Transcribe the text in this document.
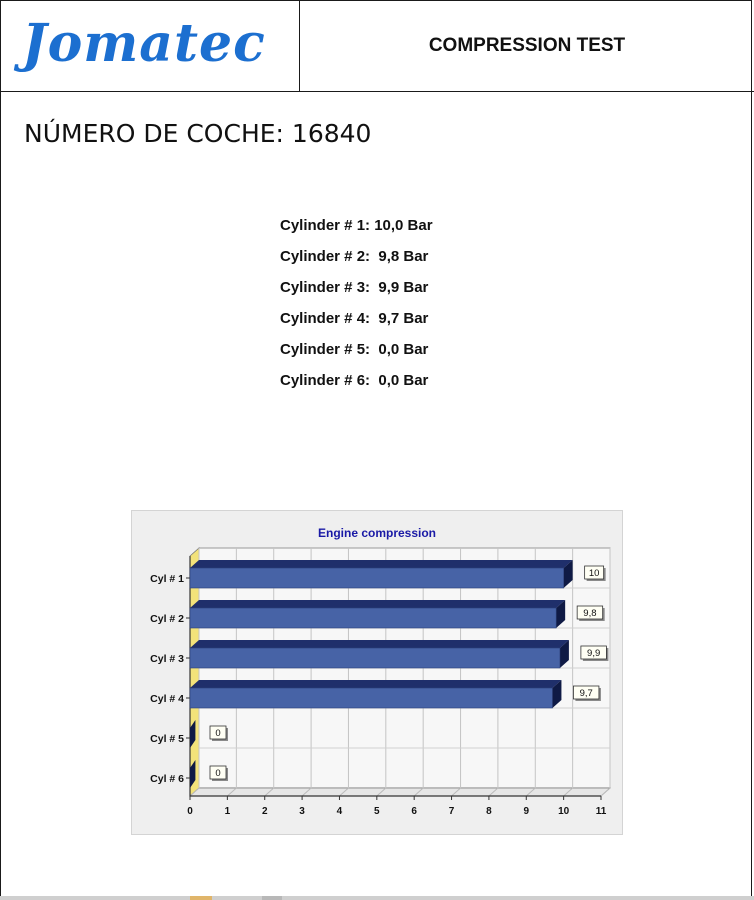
Jomatec	COMPRESSION TEST
NÚMERO DE COCHE: 16840
Cylinder # 1: 10,0 Bar
Cylinder # 2:  9,8 Bar
Cylinder # 3:  9,9 Bar
Cylinder # 4:  9,7 Bar
Cylinder # 5:  0,0 Bar
Cylinder # 6:  0,0 Bar
Engine compression
0	1	2	3	4	5	6	7	8	9	10	11
Cyl # 1	10
Cyl # 2	9,8
Cyl # 3	9,9
Cyl # 4	9,7
Cyl # 5	0
Cyl # 6	0
